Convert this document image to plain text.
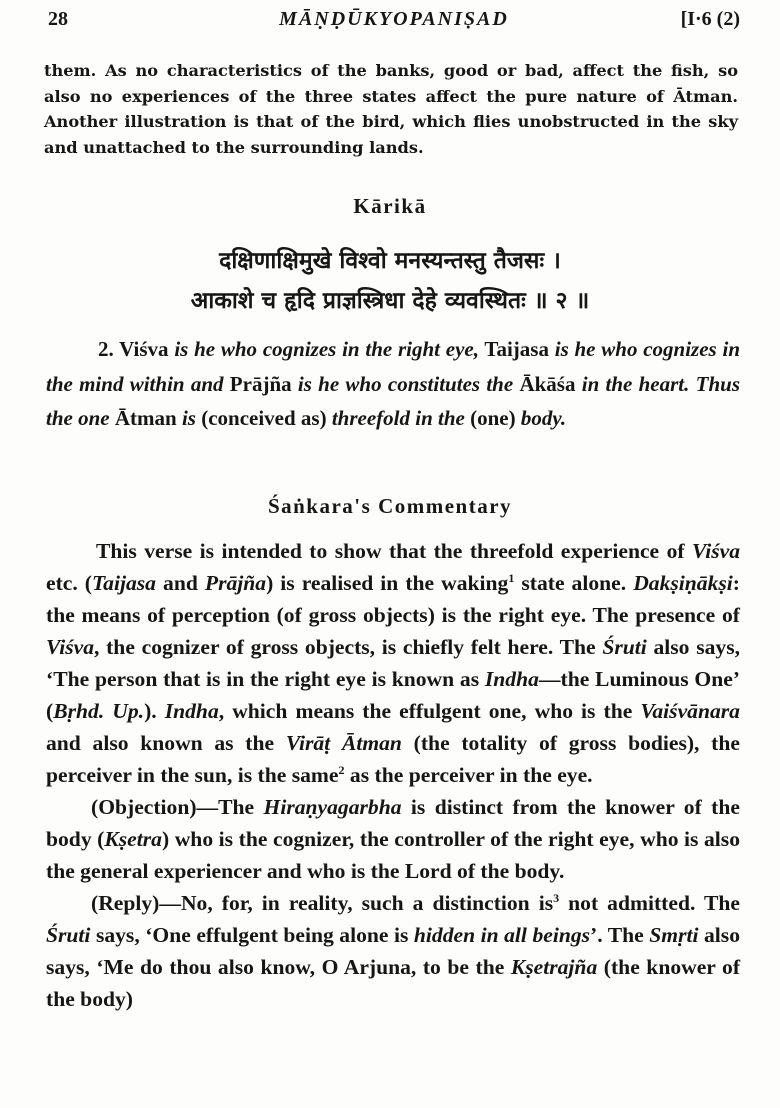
28	MĀṆḌŪKYOPANIṢAD	[I·6 (2)
them. As no characteristics of the banks, good or bad, affect the fish, so also no experiences of the three states affect the pure nature of Ātman. Another illustration is that of the bird, which flies unobstructed in the sky and unattached to the surrounding lands.
Kārikā
दक्षिणाक्षिमुखे विश्वो मनस्यन्तस्तु तैजसः ।
आकाशे च हृदि प्राज्ञस्त्रिधा देहे व्यवस्थितः ॥ २ ॥
2. Viśva is he who cognizes in the right eye, Taijasa is he who cognizes in the mind within and Prājña is he who constitutes the Ākāśa in the heart. Thus the one Ātman is (conceived as) threefold in the (one) body.
Śaṅkara's Commentary

This verse is intended to show that the threefold experience of Viśva etc. (Taijasa and Prājña) is realised in the waking$^1$ state alone. Dakṣiṇākṣi: the means of perception (of gross objects) is the right eye. The presence of Viśva, the cognizer of gross objects, is chiefly felt here. The Śruti also says, ‘The person that is in the right eye is known as Indha—the Luminous One’ (Bṛhd. Up.). Indha, which means the effulgent one, who is the Vaiśvānara and also known as the Virāṭ Ātman (the totality of gross bodies), the perceiver in the sun, is the same$^2$ as the perceiver in the eye.

(Objection)—The Hiraṇyagarbha is distinct from the knower of the body (Kṣetra) who is the cognizer, the controller of the right eye, who is also the general experiencer and who is the Lord of the body.

(Reply)—No, for, in reality, such a distinction $is^3$ not admitted. The Śruti says, ‘One effulgent being alone is hidden in all beings’. The Smṛti also says, ‘Me do thou also know, O Arjuna, to be the Kṣetrajña (the knower of the body)
